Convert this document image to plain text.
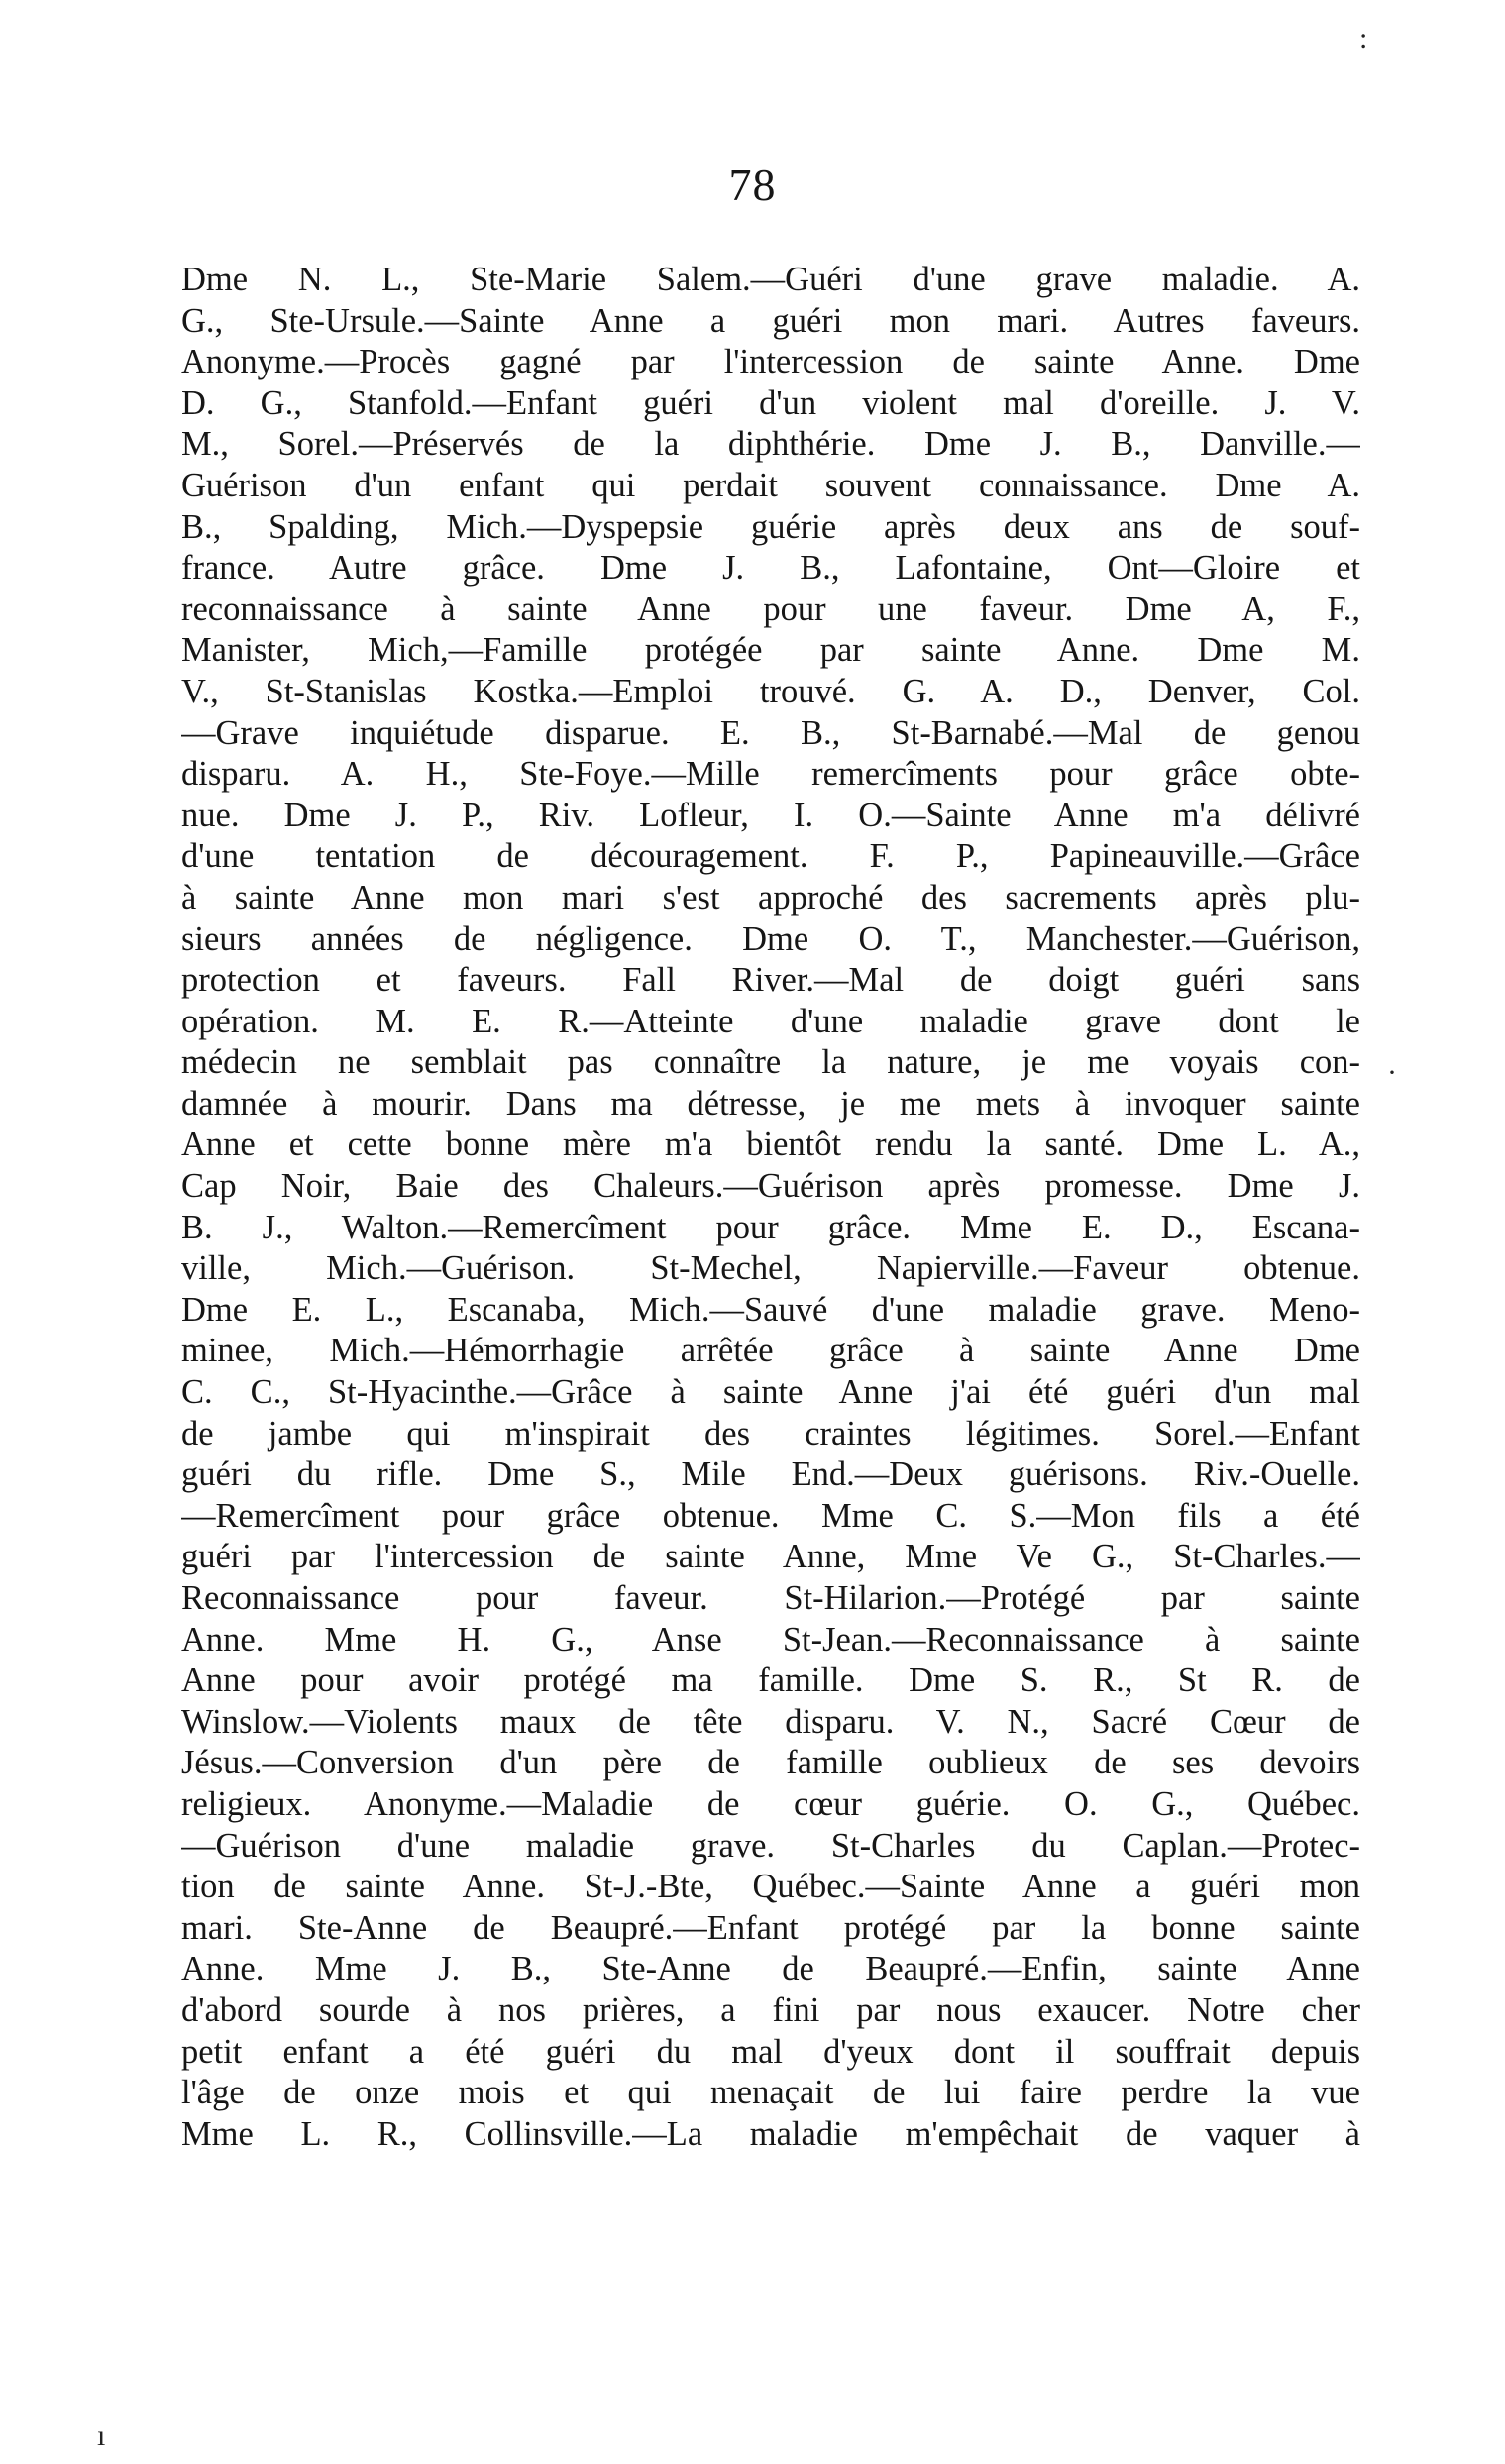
78
Dme N. L., Ste-Marie Salem.—Guéri d'une grave maladie. A.
G., Ste-Ursule.—Sainte Anne a guéri mon mari. Autres faveurs.
Anonyme.—Procès gagné par l'intercession de sainte Anne. Dme
D. G., Stanfold.—Enfant guéri d'un violent mal d'oreille. J. V.
M., Sorel.—Préservés de la diphthérie. Dme J. B., Danville.—
Guérison d'un enfant qui perdait souvent connaissance. Dme A.
B., Spalding, Mich.—Dyspepsie guérie après deux ans de souf-
france. Autre grâce. Dme J. B., Lafontaine, Ont—Gloire et
reconnaissance à sainte Anne pour une faveur. Dme A, F.,
Manister, Mich,—Famille protégée par sainte Anne. Dme M.
V., St-Stanislas Kostka.—Emploi trouvé. G. A. D., Denver, Col.
—Grave inquiétude disparue. E. B., St-Barnabé.—Mal de genou
disparu. A. H., Ste-Foye.—Mille remercîments pour grâce obte-
nue. Dme J. P., Riv. Lofleur, I. O.—Sainte Anne m'a délivré
d'une tentation de découragement. F. P., Papineauville.—Grâce
à sainte Anne mon mari s'est approché des sacrements après plu-
sieurs années de négligence. Dme O. T., Manchester.—Guérison,
protection et faveurs. Fall River.—Mal de doigt guéri sans
opération. M. E. R.—Atteinte d'une maladie grave dont le
médecin ne semblait pas connaître la nature, je me voyais con-
damnée à mourir. Dans ma détresse, je me mets à invoquer sainte
Anne et cette bonne mère m'a bientôt rendu la santé. Dme L. A.,
Cap Noir, Baie des Chaleurs.—Guérison après promesse. Dme J.
B. J., Walton.—Remercîment pour grâce. Mme E. D., Escana-
ville, Mich.—Guérison. St-Mechel, Napierville.—Faveur obtenue.
Dme E. L., Escanaba, Mich.—Sauvé d'une maladie grave. Meno-
minee, Mich.—Hémorrhagie arrêtée grâce à sainte Anne Dme
C. C., St-Hyacinthe.—Grâce à sainte Anne j'ai été guéri d'un mal
de jambe qui m'inspirait des craintes légitimes. Sorel.—Enfant
guéri du rifle. Dme S., Mile End.—Deux guérisons. Riv.-Ouelle.
—Remercîment pour grâce obtenue. Mme C. S.—Mon fils a été
guéri par l'intercession de sainte Anne, Mme Ve G., St-Charles.—
Reconnaissance pour faveur. St-Hilarion.—Protégé par sainte
Anne. Mme H. G., Anse St-Jean.—Reconnaissance à sainte
Anne pour avoir protégé ma famille. Dme S. R., St R. de
Winslow.—Violents maux de tête disparu. V. N., Sacré Cœur de
Jésus.—Conversion d'un père de famille oublieux de ses devoirs
religieux. Anonyme.—Maladie de cœur guérie. O. G., Québec.
—Guérison d'une maladie grave. St-Charles du Caplan.—Protec-
tion de sainte Anne. St-J.-Bte, Québec.—Sainte Anne a guéri mon
mari. Ste-Anne de Beaupré.—Enfant protégé par la bonne sainte
Anne. Mme J. B., Ste-Anne de Beaupré.—Enfin, sainte Anne
d'abord sourde à nos prières, a fini par nous exaucer. Notre cher
petit enfant a été guéri du mal d'yeux dont il souffrait depuis
l'âge de onze mois et qui menaçait de lui faire perdre la vue
Mme L. R., Collinsville.—La maladie m'empêchait de vaquer à
:
·
ı
